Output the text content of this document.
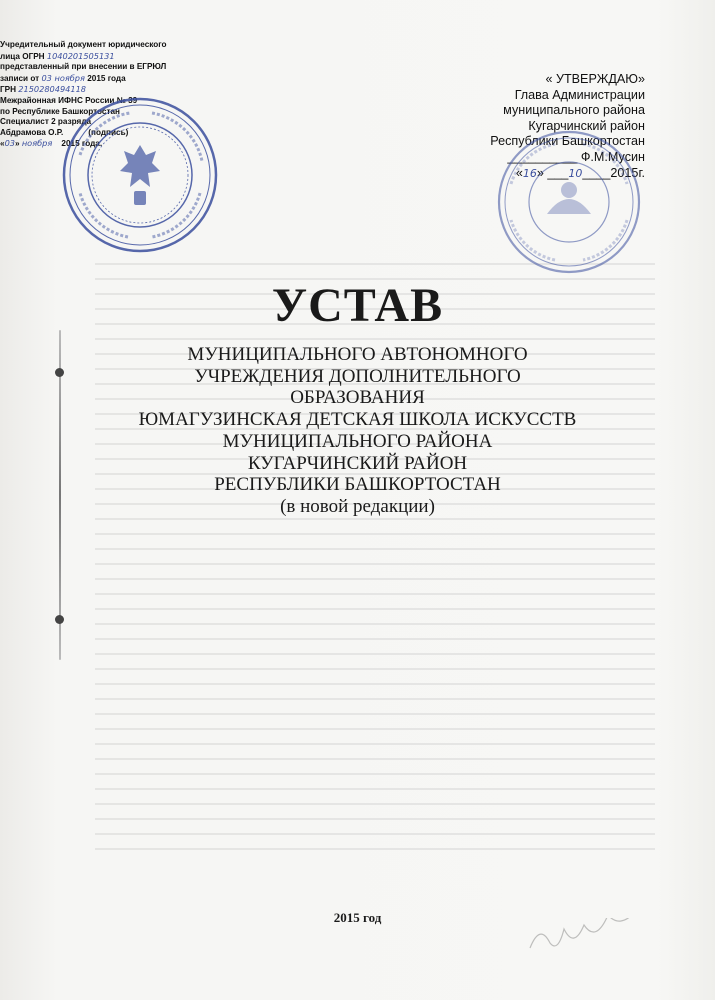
Учредительный документ юридического
лица ОГРН 1040201505131
представленный при внесении в ЕГРЮЛ
записи от 03 ноября 2015 года
ГРН 2150280494118
Межрайонная ИФНС России № 39
по Республике Башкортостан
Специалист 2 разряда
Абдрамова О.Р.	(подпись)
«03» ноября 2015 года.
« УТВЕРЖДАЮ»
Глава Администрации
муниципального района
Кугарчинский район
Республики Башкортостан
__________ Ф.М.Мусин
«16» ___10____2015г.
УСТАВ
МУНИЦИПАЛЬНОГО АВТОНОМНОГО
УЧРЕЖДЕНИЯ ДОПОЛНИТЕЛЬНОГО
ОБРАЗОВАНИЯ
ЮМАГУЗИНСКАЯ ДЕТСКАЯ ШКОЛА ИСКУССТВ
МУНИЦИПАЛЬНОГО РАЙОНА
КУГАРЧИНСКИЙ РАЙОН
РЕСПУБЛИКИ БАШКОРТОСТАН
(в новой редакции)
2015 год
